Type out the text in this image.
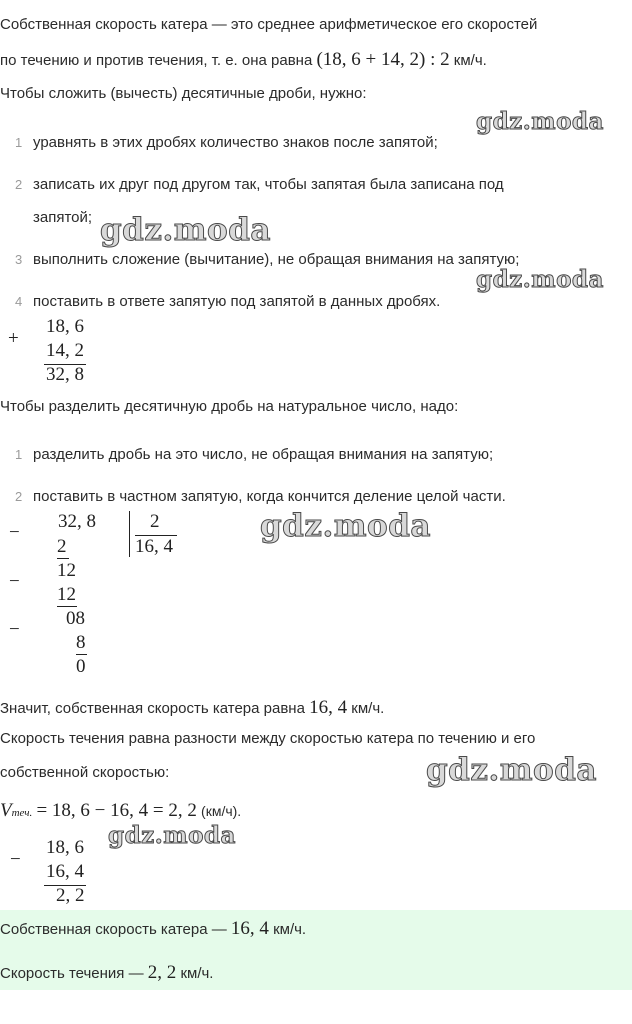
Собственная скорость катера — это среднее арифметическое его скоростей
по течению и против течения, т. е. она равна (18, 6 + 14, 2) : 2 км/ч.
Чтобы сложить (вычесть) десятичные дроби, нужно:
gdz.moda
1 уравнять в этих дробях количество знаков после запятой;
2 записать их друг под другом так, чтобы запятая была записана под
запятой; gdz.moda
3 выполнить сложение (вычитание), не обращая внимания на запятую;
gdz.moda
4 поставить в ответе запятую под запятой в данных дробях.
+
18, 6
14, 2
32, 8
Чтобы разделить десятичную дробь на натуральное число, надо:
1 разделить дробь на это число, не обращая внимания на запятую;
2 поставить в частном запятую, когда кончится деление целой части.
gdz.moda
−
32, 8	2
16, 4
2
−
12
12
−
08
8
0
Значит, собственная скорость катера равна 16, 4 км/ч.
Скорость течения равна разности между скоростью катера по течению и его
собственной скоростью:	gdz.moda
Vтеч. = 18, 6 − 16, 4 = 2, 2 (км/ч).
gdz.moda
−
18, 6
16, 4
2, 2
Собственная скорость катера — 16, 4 км/ч.
Скорость течения — 2, 2 км/ч.
